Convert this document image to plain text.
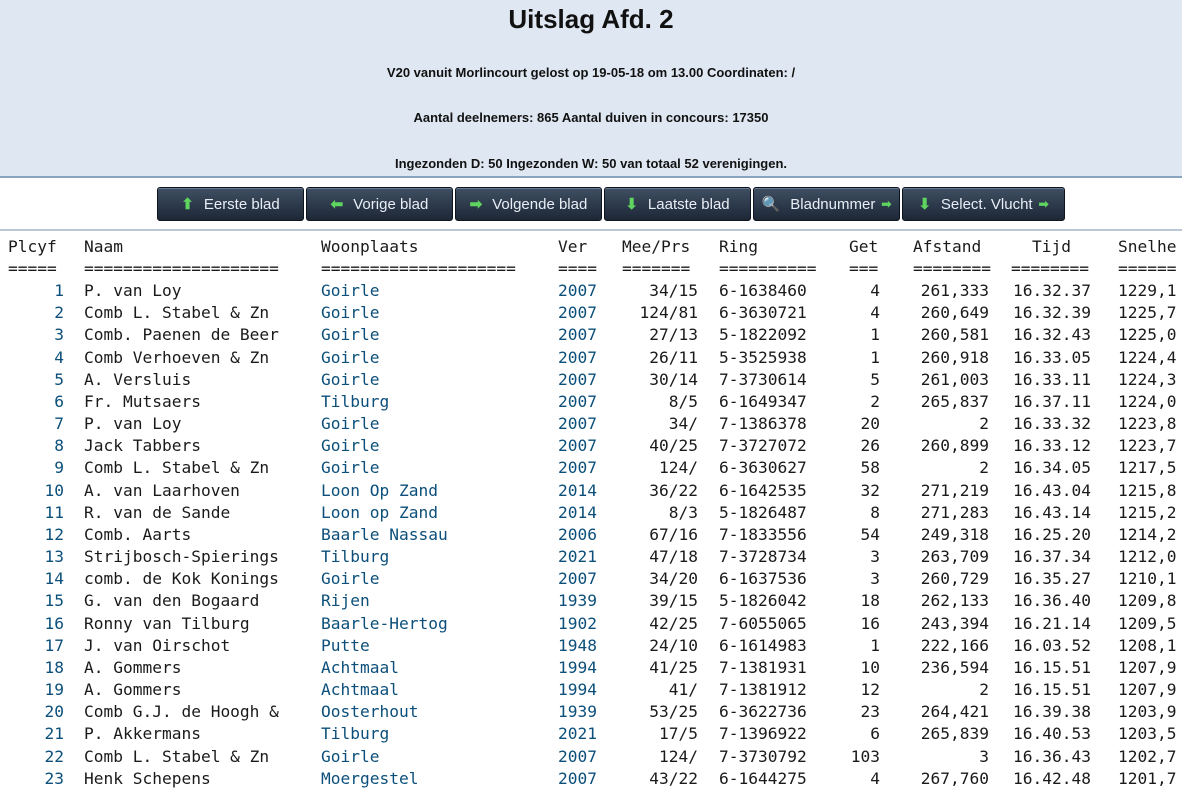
Uitslag Afd. 2
V20 vanuit Morlincourt gelost op 19-05-18 om 13.00 Coordinaten: /
Aantal deelnemers: 865 Aantal duiven in concours: 17350
Ingezonden D: 50 Ingezonden W: 50 van totaal 52 verenigingen.
⬆ Eerste blad	⬅ Vorige blad	➡ Volgende blad	⬇ Laatste blad 🔍 Bladnummer ➡ ⬇ Select. Vlucht ➡
Plcyf Naam	Woonplaats	Ver Mee/Prs Ring	Get Afstand	Tijd	Snelhe
===== ====================	====================	==== ======= ========== === ======== ======== ======
1 P. van Loy	Goirle	2007	34/15 6-1638460	4	261,333	16.32.37 1229,1
2 Comb L. Stabel & Zn	Goirle	2007	124/81 6-3630721	4	260,649	16.32.39 1225,7
3 Comb. Paenen de Beer	Goirle	2007	27/13 5-1822092	1	260,581	16.32.43 1225,0
4 Comb Verhoeven & Zn	Goirle	2007	26/11 5-3525938	1	260,918	16.33.05 1224,4
5 A. Versluis	Goirle	2007	30/14 7-3730614	5	261,003	16.33.11 1224,3
6 Fr. Mutsaers	Tilburg	2007	8/5 6-1649347	2	265,837	16.37.11 1224,0
7 P. van Loy	Goirle	2007	34/ 7-1386378	20	2	16.33.32 1223,8
8 Jack Tabbers	Goirle	2007	40/25 7-3727072	26	260,899	16.33.12 1223,7
9 Comb L. Stabel & Zn	Goirle	2007	124/ 6-3630627	58	2	16.34.05 1217,5
10 A. van Laarhoven	Loon Op Zand	2014	36/22 6-1642535	32	271,219	16.43.04 1215,8
11 R. van de Sande	Loon op Zand	2014	8/3 5-1826487	8	271,283	16.43.14 1215,2
12 Comb. Aarts	Baarle Nassau	2006	67/16 7-1833556	54	249,318	16.25.20 1214,2
13 Strijbosch-Spierings	Tilburg	2021	47/18 7-3728734	3	263,709	16.37.34 1212,0
14 comb. de Kok Konings	Goirle	2007	34/20 6-1637536	3	260,729	16.35.27 1210,1
15 G. van den Bogaard	Rijen	1939	39/15 5-1826042	18	262,133	16.36.40 1209,8
16 Ronny van Tilburg	Baarle-Hertog	1902	42/25 7-6055065	16	243,394	16.21.14 1209,5
17 J. van Oirschot	Putte	1948	24/10 6-1614983	1	222,166	16.03.52 1208,1
18 A. Gommers	Achtmaal	1994	41/25 7-1381931	10	236,594	16.15.51 1207,9
19 A. Gommers	Achtmaal	1994	41/ 7-1381912	12	2	16.15.51 1207,9
20 Comb G.J. de Hoogh &	Oosterhout	1939	53/25 6-3622736	23	264,421	16.39.38 1203,9
21 P. Akkermans	Tilburg	2021	17/5 7-1396922	6	265,839	16.40.53 1203,5
22 Comb L. Stabel & Zn	Goirle	2007	124/ 7-3730792	103	3	16.36.43 1202,7
23 Henk Schepens	Moergestel	2007	43/22 6-1644275	4	267,760	16.42.48 1201,7
